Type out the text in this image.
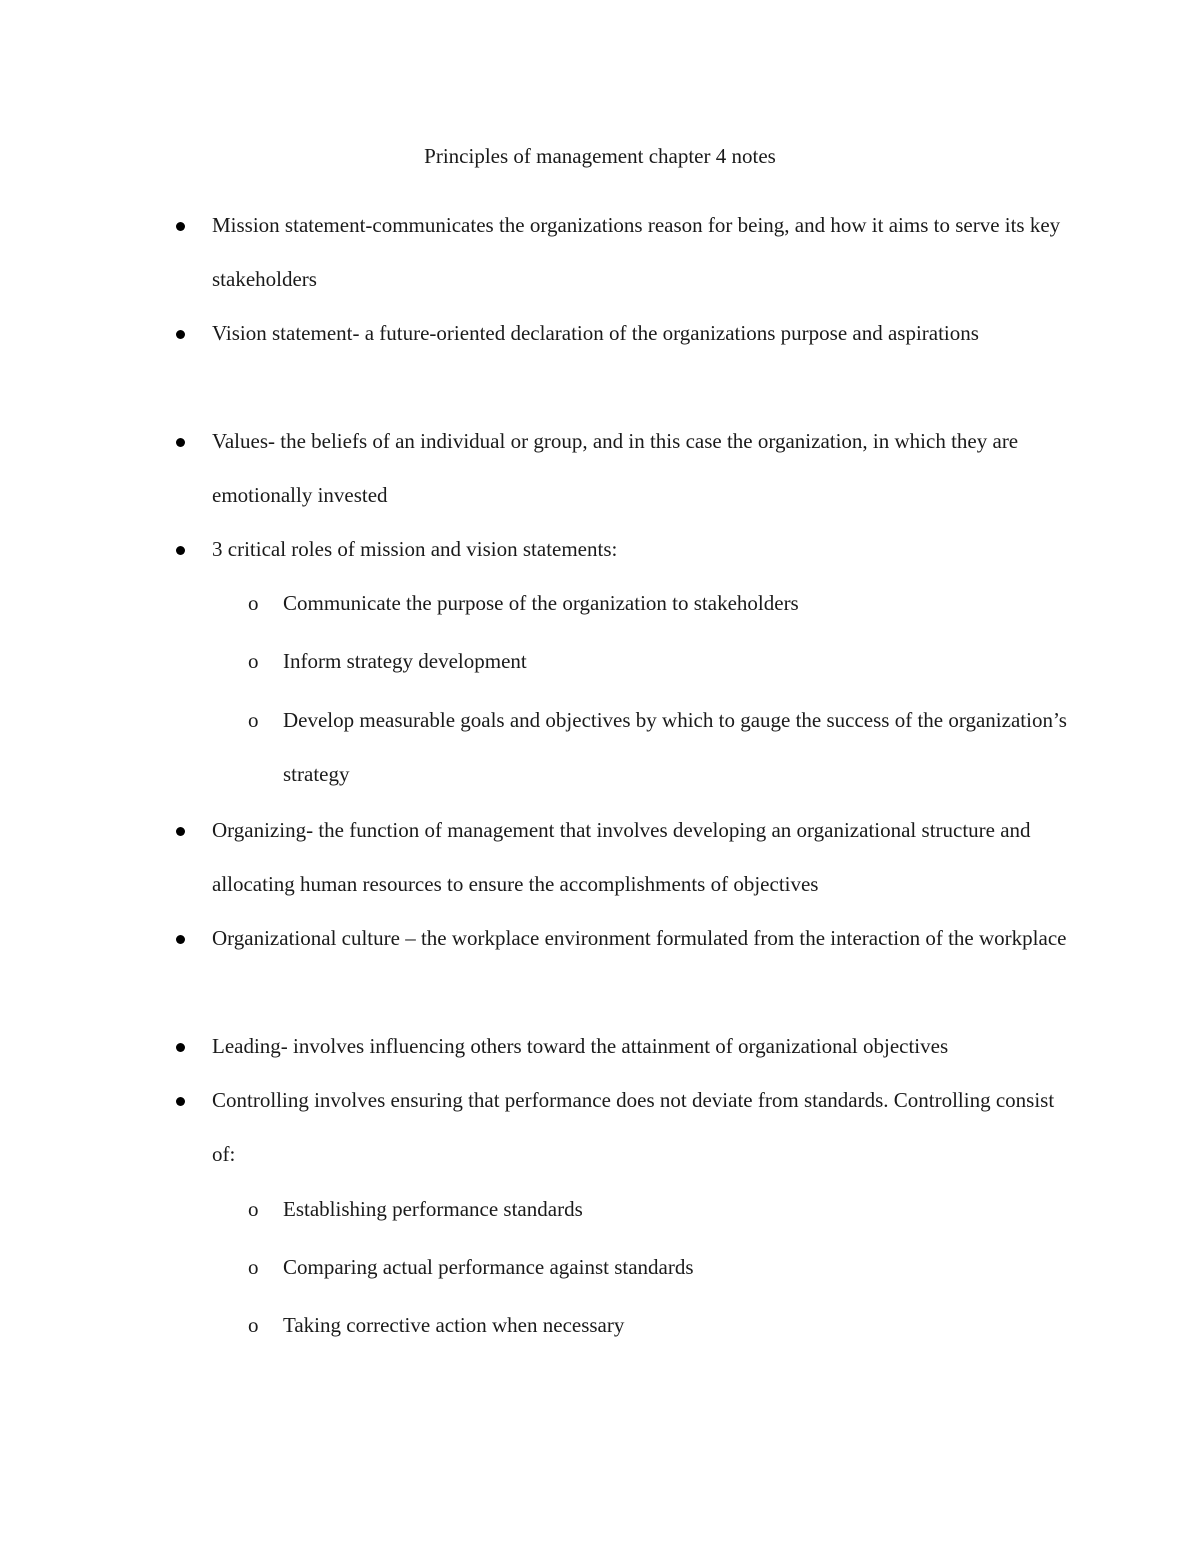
Principles of management chapter 4 notes

Mission statement-communicates the organizations reason for being, and how it aims to serve its key stakeholders

Vision statement- a future-oriented declaration of the organizations purpose and aspirations

Values- the beliefs of an individual or group, and in this case the organization, in which they are emotionally invested

3 critical roles of mission and vision statements:

o Communicate the purpose of the organization to stakeholders

o Inform strategy development

o Develop measurable goals and objectives by which to gauge the success of the organization’s strategy

Organizing- the function of management that involves developing an organizational structure and allocating human resources to ensure the accomplishments of objectives

Organizational culture – the workplace environment formulated from the interaction of the workplace

Leading- involves influencing others toward the attainment of organizational objectives

Controlling involves ensuring that performance does not deviate from standards. Controlling consist of:

o Establishing performance standards

o Comparing actual performance against standards

o Taking corrective action when necessary
